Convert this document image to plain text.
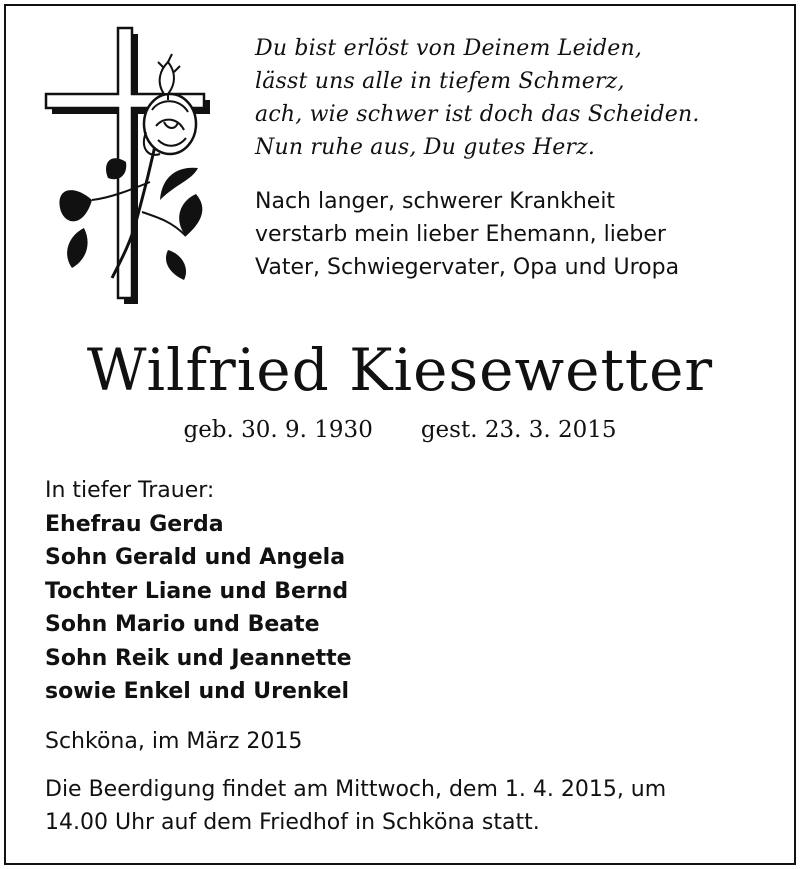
Du bist erlöst von Deinem Leiden,
lässt uns alle in tiefem Schmerz,
ach, wie schwer ist doch das Scheiden.
Nun ruhe aus, Du gutes Herz.
Nach langer, schwerer Krankheit
verstarb mein lieber Ehemann, lieber
Vater, Schwiegervater, Opa und Uropa
Wilfried Kiesewetter
geb. 30. 9. 1930 gest. 23. 3. 2015
In tiefer Trauer:
Ehefrau Gerda
Sohn Gerald und Angela
Tochter Liane und Bernd
Sohn Mario und Beate
Sohn Reik und Jeannette
sowie Enkel und Urenkel
Schköna, im März 2015
Die Beerdigung findet am Mittwoch, dem 1. 4. 2015, um
14.00 Uhr auf dem Friedhof in Schköna statt.
